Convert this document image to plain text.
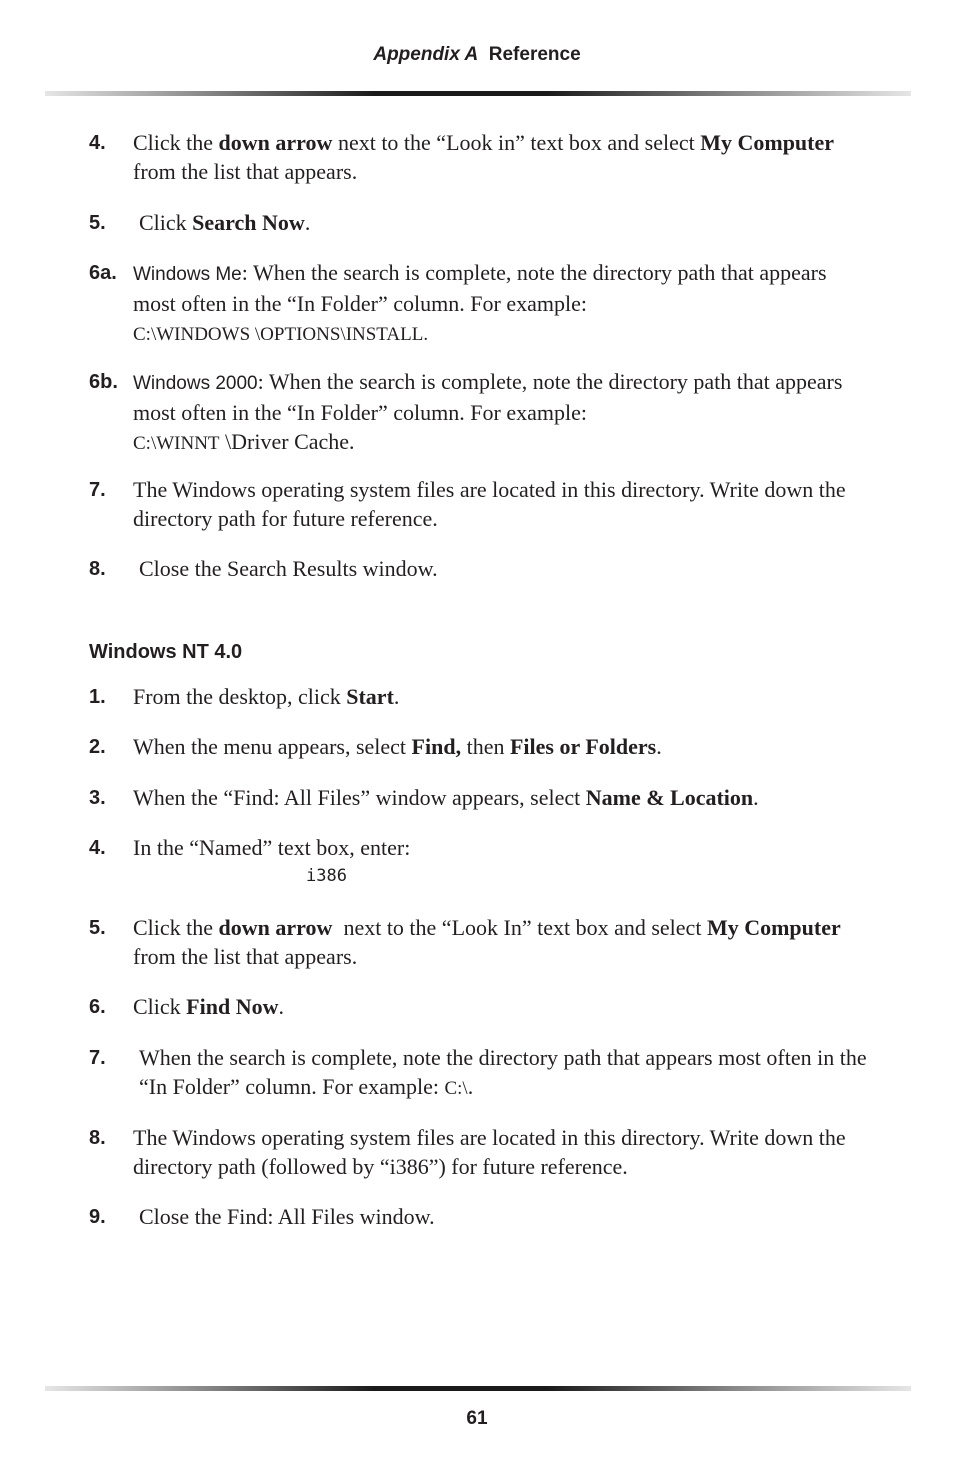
Appendix A Reference
4. Click the down arrow next to the “Look in” text box and select My Computer from the list that appears.
5. Click Search Now.
6a. Windows Me: When the search is complete, note the directory path that appears most often in the “In Folder” column. For example:
C:\WINDOWS \OPTIONS\INSTALL.
6b. Windows 2000: When the search is complete, note the directory path that appears most often in the “In Folder” column. For example:
C:\WINNT \Driver Cache.
7. The Windows operating system files are located in this directory. Write down the directory path for future reference.
8. Close the Search Results window.
Windows NT 4.0
1. From the desktop, click Start.
2. When the menu appears, select Find, then Files or Folders.
3. When the “Find: All Files” window appears, select Name & Location.
4. In the “Named” text box, enter:
i386
5. Click the down arrow  next to the “Look In” text box and select My Computer from the list that appears.
6. Click Find Now.
7. When the search is complete, note the directory path that appears most often in the “In Folder” column. For example: C:\.
8. The Windows operating system files are located in this directory. Write down the directory path (followed by “i386”) for future reference.
9. Close the Find: All Files window.
61
